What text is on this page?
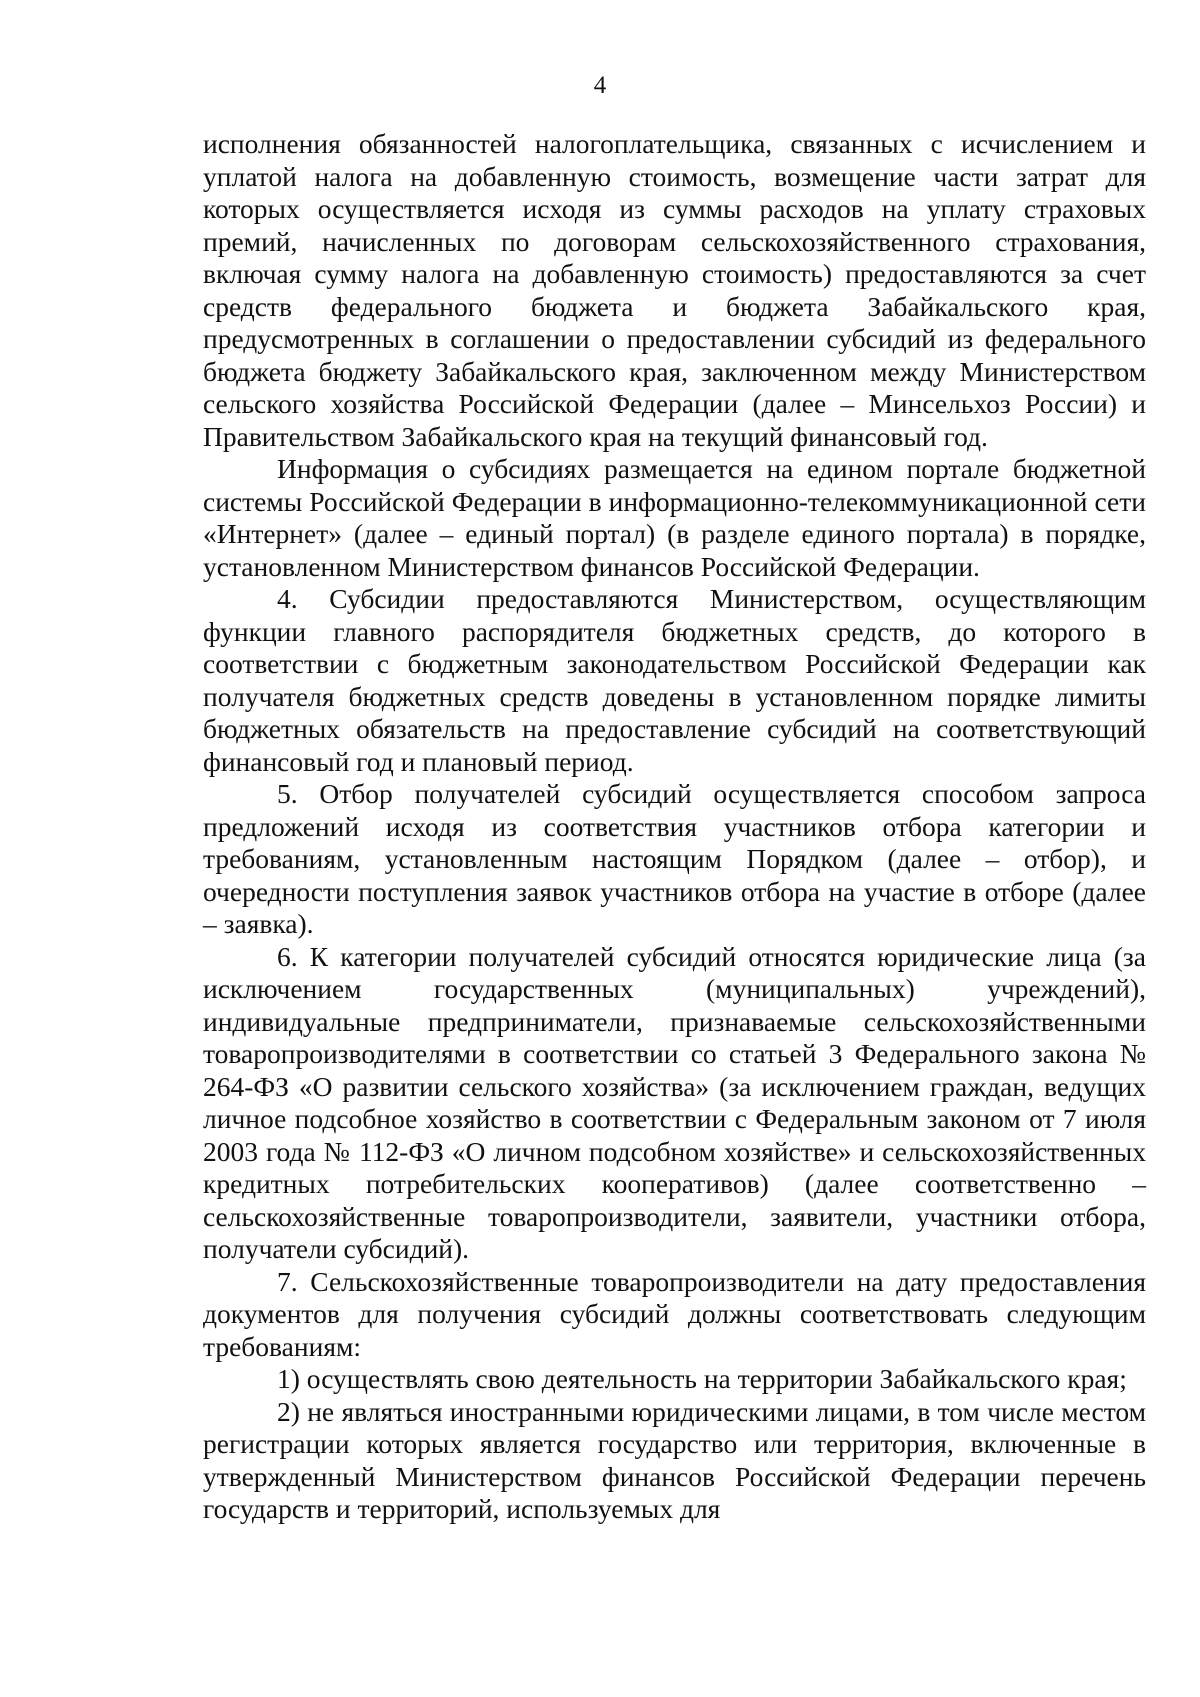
4

исполнения обязанностей налогоплательщика, связанных с исчислением и уплатой налога на добавленную стоимость, возмещение части затрат для которых осуществляется исходя из суммы расходов на уплату страховых премий, начисленных по договорам сельскохозяйственного страхования, включая сумму налога на добавленную стоимость) предоставляются за счет средств федерального бюджета и бюджета Забайкальского края, предусмотренных в соглашении о предоставлении субсидий из федерального бюджета бюджету Забайкальского края, заключенном между Министерством сельского хозяйства Российской Федерации (далее – Минсельхоз России) и Правительством Забайкальского края на текущий финансовый год.

Информация о субсидиях размещается на едином портале бюджетной системы Российской Федерации в информационно-телекоммуникационной сети «Интернет» (далее – единый портал) (в разделе единого портала) в порядке, установленном Министерством финансов Российской Федерации.

4. Субсидии предоставляются Министерством, осуществляющим функции главного распорядителя бюджетных средств, до которого в соответствии с бюджетным законодательством Российской Федерации как получателя бюджетных средств доведены в установленном порядке лимиты бюджетных обязательств на предоставление субсидий на соответствующий финансовый год и плановый период.

5. Отбор получателей субсидий осуществляется способом запроса предложений исходя из соответствия участников отбора категории и требованиям, установленным настоящим Порядком (далее – отбор), и очередности поступления заявок участников отбора на участие в отборе (далее – заявка).

6. К категории получателей субсидий относятся юридические лица (за исключением государственных (муниципальных) учреждений), индивидуальные предприниматели, признаваемые сельскохозяйственными товаропроизводителями в соответствии со статьей 3 Федерального закона № 264-ФЗ «О развитии сельского хозяйства» (за исключением граждан, ведущих личное подсобное хозяйство в соответствии с Федеральным законом от 7 июля 2003 года № 112-ФЗ «О личном подсобном хозяйстве» и сельскохозяйственных кредитных потребительских кооперативов) (далее соответственно – сельскохозяйственные товаропроизводители, заявители, участники отбора, получатели субсидий).

7. Сельскохозяйственные товаропроизводители на дату предоставления документов для получения субсидий должны соответствовать следующим требованиям:

1) осуществлять свою деятельность на территории Забайкальского края;

2) не являться иностранными юридическими лицами, в том числе местом регистрации которых является государство или территория, включенные в утвержденный Министерством финансов Российской Федерации перечень государств и территорий, используемых для
